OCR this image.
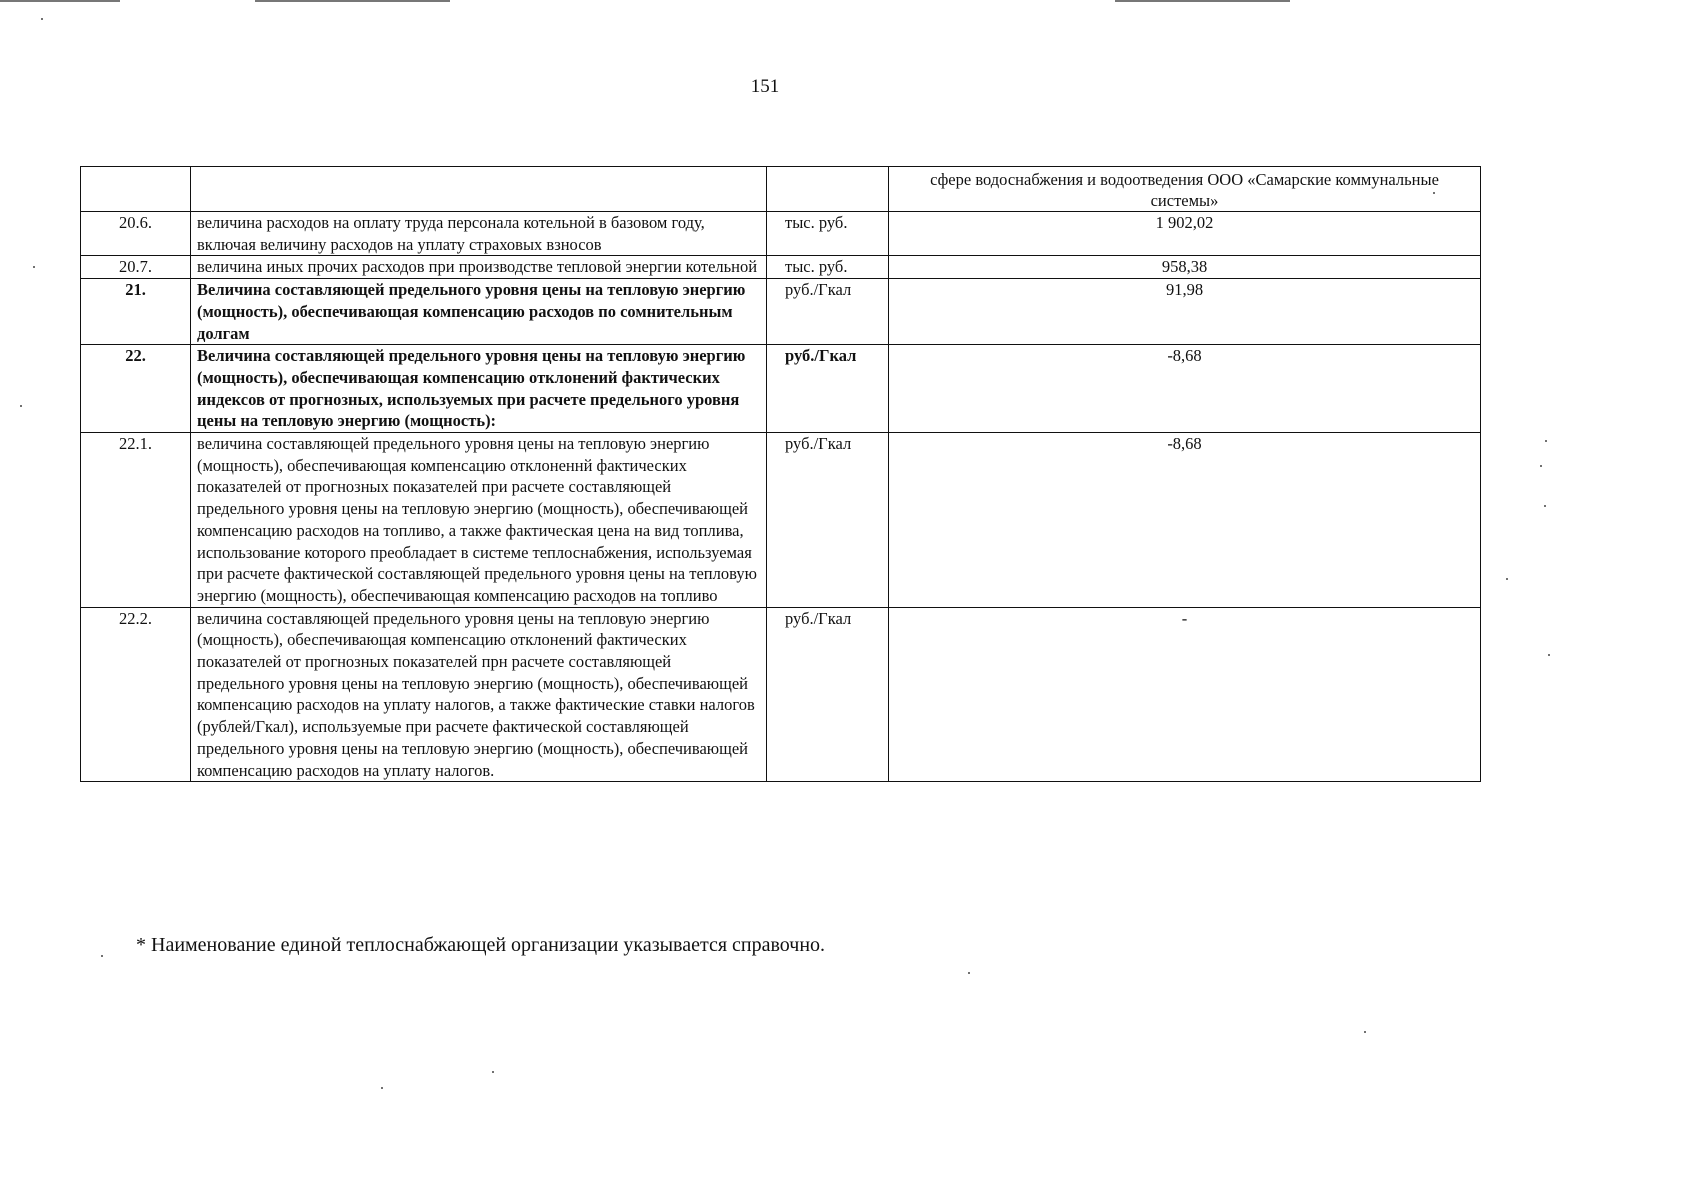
151
			сфере водоснабжения и водоотведения ООО «Самарские коммунальные системы»
20.6.	величина расходов на оплату труда персонала котельной в базовом году, включая величину расходов на уплату страховых взносов	тыс. руб.	1 902,02
20.7.	величина иных прочих расходов при производстве тепловой энергии котельной	тыс. руб.	958,38
21.	Величина составляющей предельного уровня цены на тепловую энергию (мощность), обеспечивающая компенсацию расходов по сомнительным долгам	руб./Гкал	91,98
22.	Величина составляющей предельного уровня цены на тепловую энергию (мощность), обеспечивающая компенсацию отклонений фактических индексов от прогнозных, используемых при расчете предельного уровня цены на тепловую энергию (мощность):	руб./Гкал	-8,68
22.1.	величина составляющей предельного уровня цены на тепловую энергию (мощность), обеспечивающая компенсацию отклоненнй фактических показателей от прогнозных показателей при расчете составляющей предельного уровня цены на тепловую энергию (мощность), обеспечивающей компенсацию расходов на топливо, а также фактическая цена на вид топлива, использование которого преобладает в системе теплоснабжения, используемая при расчете фактической составляющей предельного уровня цены на тепловую энергию (мощность), обеспечивающая компенсацию расходов на топливо	руб./Гкал	-8,68
22.2.	величина составляющей предельного уровня цены на тепловую энергию (мощность), обеспечивающая компенсацию отклонений фактических показателей от прогнозных показателей прн расчете составляющей предельного уровня цены на тепловую энергию (мощность), обеспечивающей компенсацию расходов на уплату налогов, а также фактические ставки налогов (рублей/Гкал), используемые при расчете фактической составляющей предельного уровня цены на тепловую энергию (мощность), обеспечивающей компенсацию расходов на уплату налогов.	руб./Гкал	-
* Наименование единой теплоснабжающей организации указывается справочно.
